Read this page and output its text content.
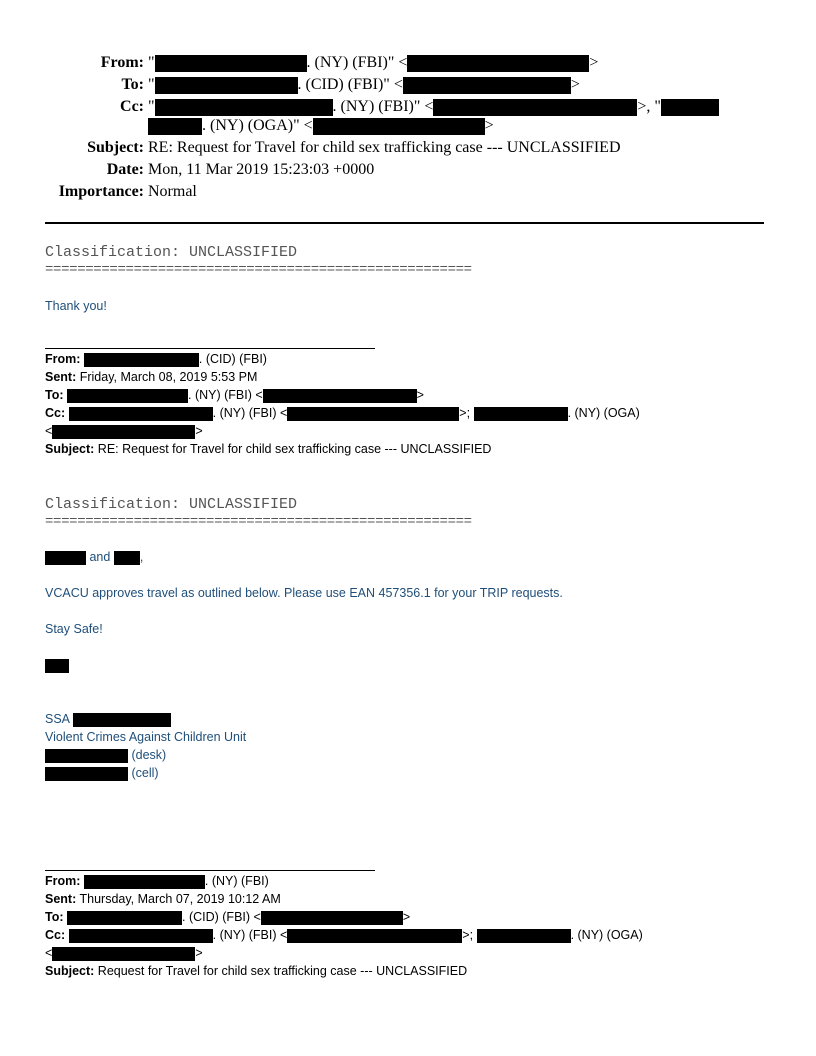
From: "	. (NY) (FBI)" <	>
To: "	. (CID) (FBI)" <	>
Cc: "	. (NY) (FBI)" <	>, "
. (NY) (OGA)" <	>
Subject: RE: Request for Travel for child sex trafficking case --- UNCLASSIFIED
Date: Mon, 11 Mar 2019 15:23:03 +0000
Importance: Normal
Classification: UNCLASSIFIED
=====================================================
Thank you!
From:	. (CID) (FBI)
Sent: Friday, March 08, 2019 5:53 PM
To:	. (NY) (FBI) <	>
Cc:	. (NY) (FBI) <	>;	. (NY) (OGA)
<	>
Subject: RE: Request for Travel for child sex trafficking case --- UNCLASSIFIED
Classification: UNCLASSIFIED
=====================================================
and ,
VCACU approves travel as outlined below. Please use EAN 457356.1 for your TRIP requests.
Stay Safe!
SSA
Violent Crimes Against Children Unit
(desk)
(cell)
From:	. (NY) (FBI)
Sent: Thursday, March 07, 2019 10:12 AM
To:	. (CID) (FBI) <	>
Cc:	. (NY) (FBI) <	>;	. (NY) (OGA)
<	>
Subject: Request for Travel for child sex trafficking case --- UNCLASSIFIED
